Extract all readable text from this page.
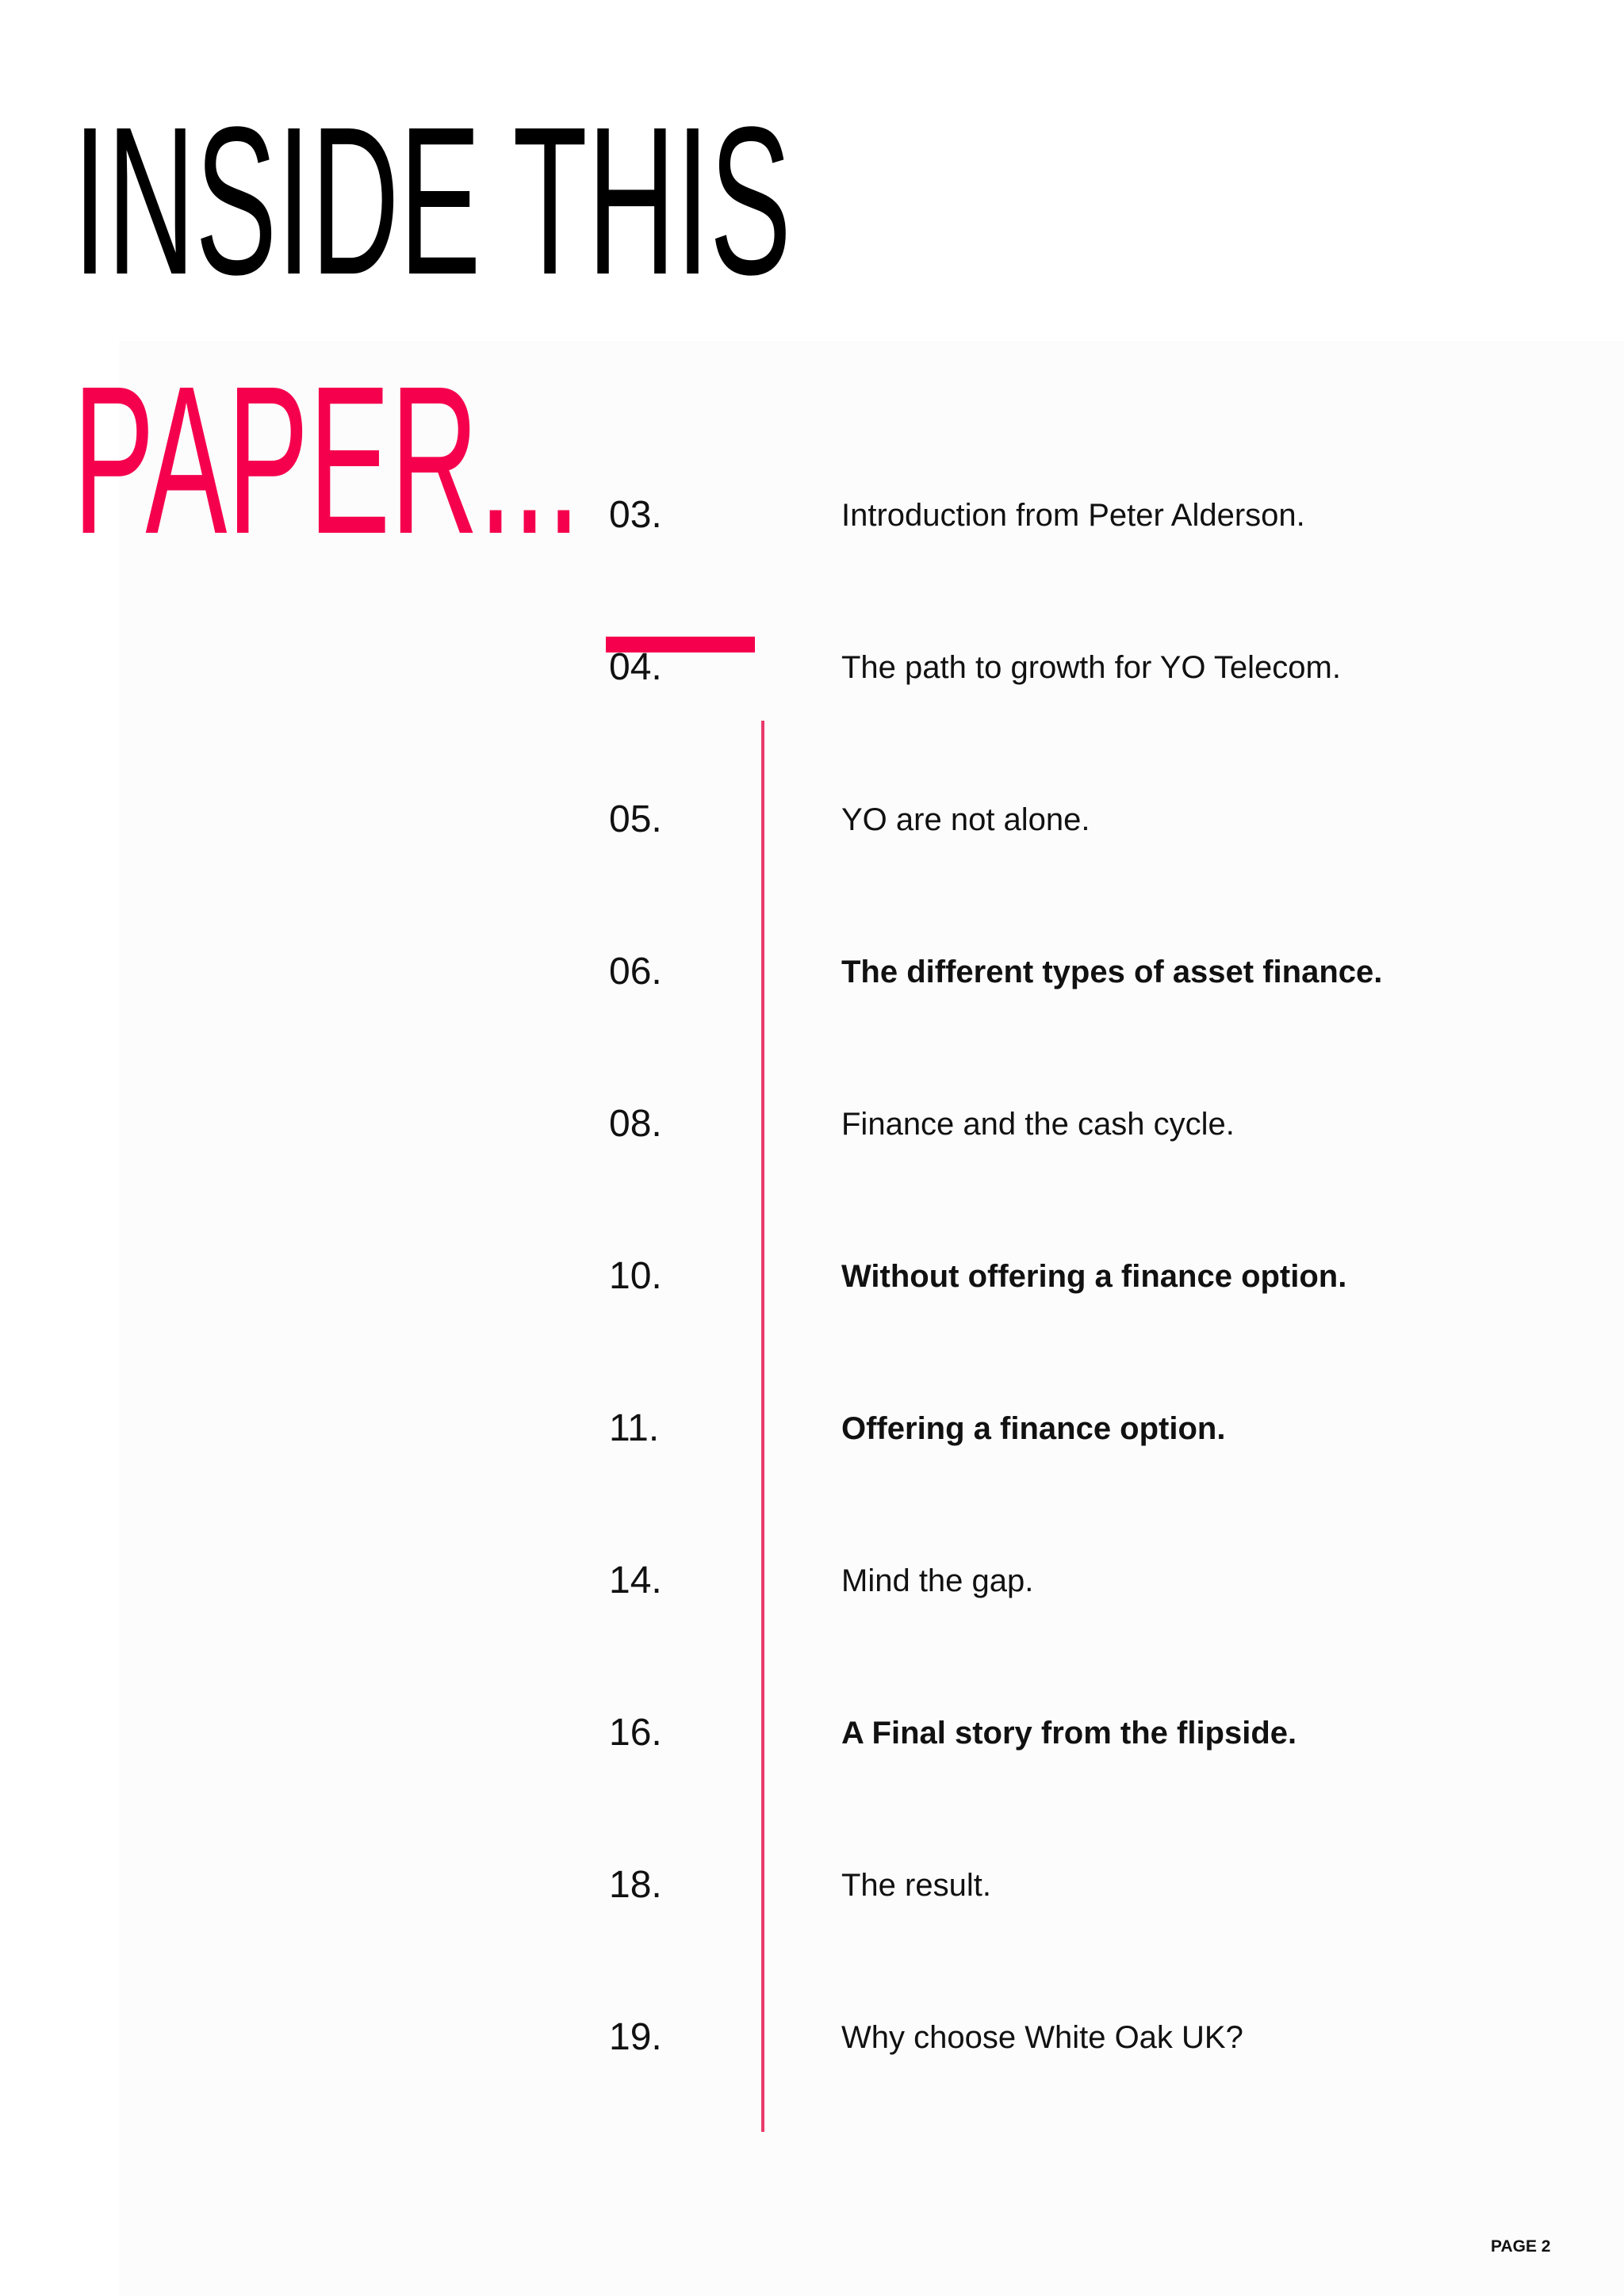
INSIDE THIS
PAPER... 03.	Introduction from Peter Alderson.
04.	The path to growth for YO Telecom.
05.	YO are not alone.
06.	The different types of asset finance.
08.	Finance and the cash cycle.
10.	Without offering a finance option.
11.	Offering a finance option.
14.	Mind the gap.
16.	A Final story from the flipside.
18.	The result.
19.	Why choose White Oak UK?
PAGE 2
